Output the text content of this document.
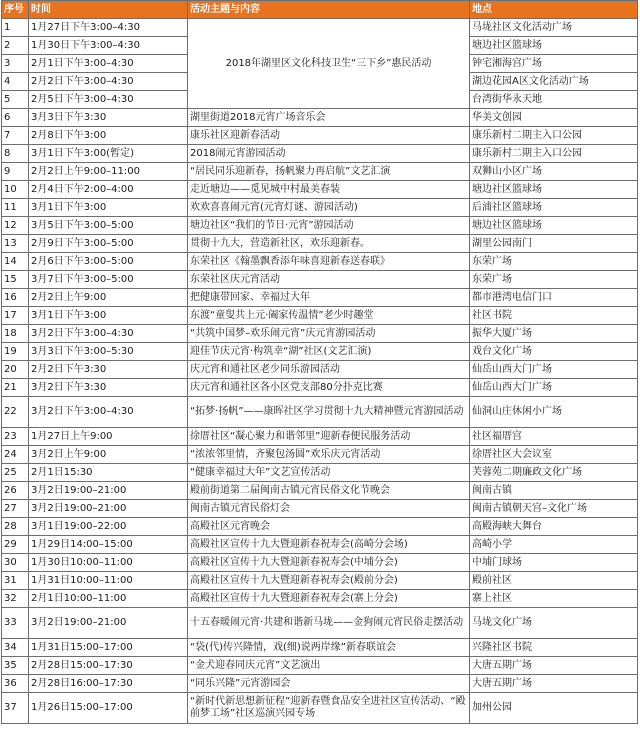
序号	时间	活动主题与内容	地点
1	1月27日下午3:00–4:30	2018年湖里区文化科技卫生“三下乡”惠民活动	马垅社区文化活动广场
2	1月30日下午3:00–4:30		塘边社区篮球场
3	2月1日下午3:00–4:30		钟宅湘海宫广场
4	2月2日下午3:00–4:30		湖边花园A区文化活动广场
5	2月5日下午3:00–4:30		台湾街华永天地
6	3月3日下午3:30	湖里街道2018元宵广场音乐会	华美文创园
7	2月8日下午3:00	康乐社区迎新春活动	康乐新村二期主入口公园
8	3月1日下午3:00(暂定)	2018闹元宵游园活动	康乐新村二期主入口公园
9	2月2日上午9:00–11:00	“居民同乐迎新春，扬帆聚力再启航”文艺汇演	双狮山小区广场
10	2月4日下午2:00–4:00	走近塘边——觅见城中村最美春装	塘边社区篮球场
11	3月1日下午3:00	欢欢喜喜闹元宵(元宵灯谜、游园活动)	后浦社区篮球场
12	3月5日下午3:00–5:00	塘边社区“我们的节日·元宵”游园活动	塘边社区篮球场
13	2月9日下午3:00–5:00	贯彻十九大，营造新社区，欢乐迎新春。	湖里公园南门
14	2月6日下午3:00–5:00	东荣社区《翰墨飘香添年味喜迎新春送春联》	东荣广场
15	3月7日下午3:00–5:00	东荣社区庆元宵活动	东荣广场
16	2月2日上午9:00	把健康带回家、幸福过大年	都市港湾电信门口
17	3月1日下午3:00	东渡“童叟共上元·阖家传温情”老少时趣堂	社区书院
18	3月2日下午3:00–4:30	“共筑中国梦–欢乐闹元宵”庆元宵游园活动	振华大厦广场
19	3月3日下午3:00–5:30	迎佳节庆元宵·构筑幸“湖”社区(文艺汇演)	戏台文化广场
20	2月2日下午3:30	庆元宵和通社区老少同乐游园活动	仙岳山西大门广场
21	3月2日下午3:30	庆元宵和通社区各小区党支部80分扑克比赛	仙岳山西大门广场
22	3月2日下午3:00–4:30	“拓梦·扬帆”——康晖社区学习贯彻十九大精神暨元宵游园活动	仙洞山庄休闲小广场
23	1月27日上午9:00	徐厝社区“凝心聚力和谐邻里”迎新春便民服务活动	社区福厝宫
24	3月2日上午9:00	“浓浓邻里情，齐聚包汤圆”欢乐庆元宵活动	徐厝社区大会议室
25	2月1日15:30	“健康幸福过大年”文艺宣传活动	芙蓉苑二期廉政文化广场
26	3月2日19:00–21:00	殿前街道第二届闽南古镇元宵民俗文化节晚会	闽南古镇
27	3月2日19:00–21:00	闽南古镇元宵民俗灯会	闽南古镇朝天宫–文化广场
28	3月1日19:00–22:00	高殿社区元宵晚会	高殿海峡大舞台
29	1月29日14:00–15:00	高殿社区宣传十九大暨迎新春祝寿会(高崎分会场)	高崎小学
30	1月30日10:00–11:00	高殿社区宣传十九大暨迎新春祝寿会(中埔分会)	中埔门球场
31	1月31日10:00–11:00	高殿社区宣传十九大暨迎新春祝寿会(殿前分会)	殿前社区
32	2月1日10:00–11:00	高殿社区宣传十九大暨迎新春祝寿会(寨上分会)	寨上社区
33	3月2日19:00–21:00	十五春暖闹元宵·共建和谐新马垅——金狗闹元宵民俗走摆活动	马垅文化广场
34	1月31日15:00–17:00	“袋(代)传兴隆情，戏(细)说两岸缘”新春联谊会	兴隆社区书院
35	2月28日15:00–17:30	“金犬迎春同庆元宵”文艺演出	大唐五期广场
36	2月28日16:00–17:30	“同乐兴隆”元宵游园会	大唐五期广场
37	1月26日15:00–17:00	“新时代新思想新征程”迎新春暨食品安全进社区宣传活动、“殿前梦工场”社区巡演兴园专场	加州公园
